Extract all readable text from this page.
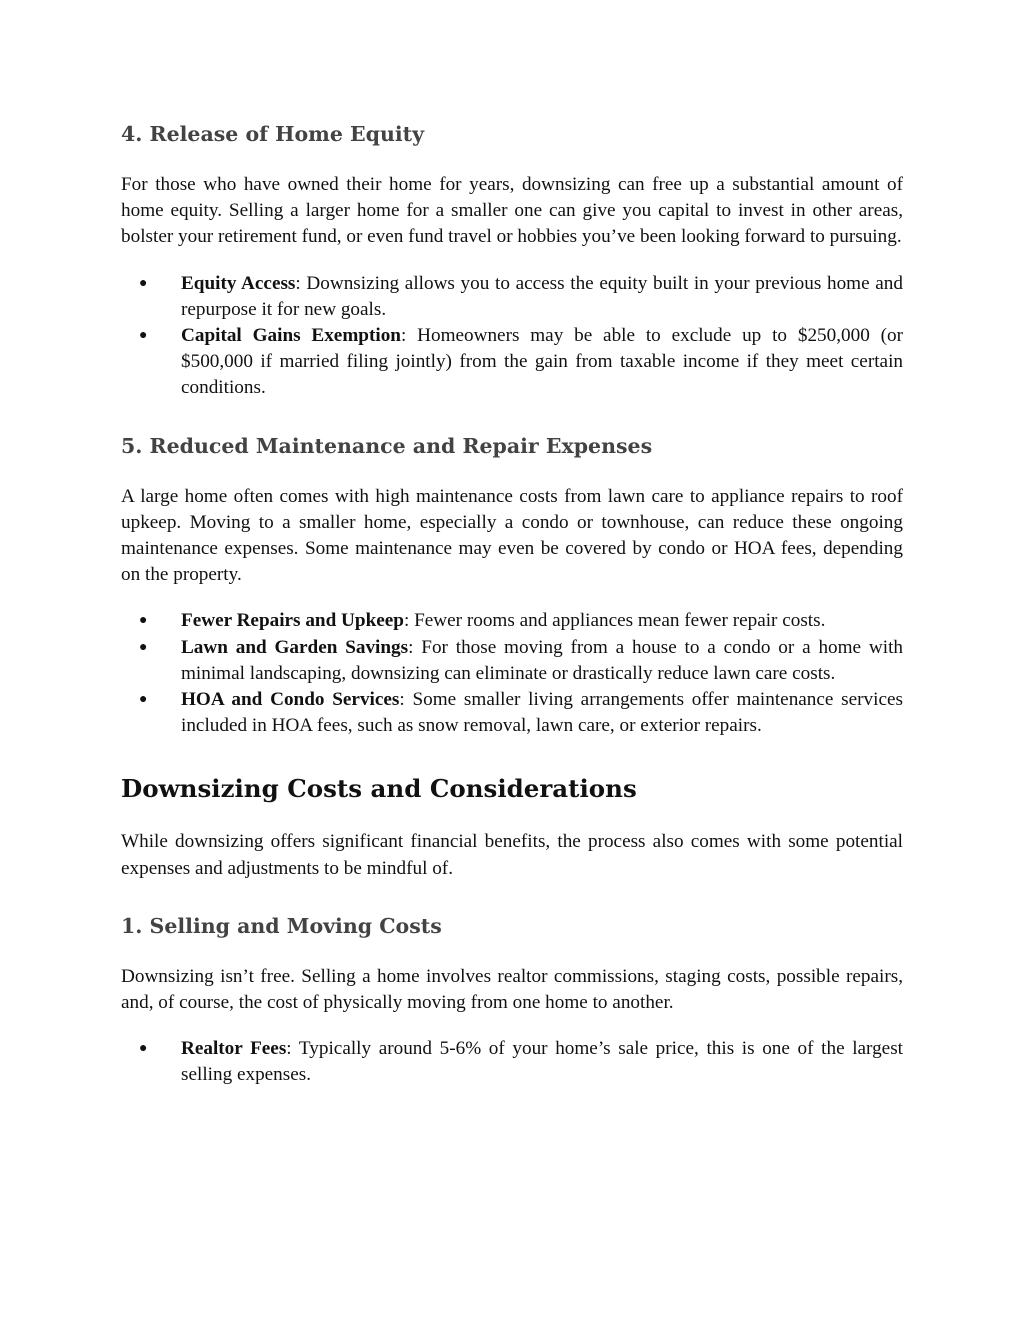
4. Release of Home Equity

For those who have owned their home for years, downsizing can free up a substantial amount of home equity. Selling a larger home for a smaller one can give you capital to invest in other areas, bolster your retirement fund, or even fund travel or hobbies you’ve been looking forward to pursuing.

● Equity Access: Downsizing allows you to access the equity built in your previous home and repurpose it for new goals.
● Capital Gains Exemption: Homeowners may be able to exclude up to $250,000 (or $500,000 if married filing jointly) from the gain from taxable income if they meet certain conditions.
5. Reduced Maintenance and Repair Expenses

A large home often comes with high maintenance costs from lawn care to appliance repairs to roof upkeep. Moving to a smaller home, especially a condo or townhouse, can reduce these ongoing maintenance expenses. Some maintenance may even be covered by condo or HOA fees, depending on the property.

● Fewer Repairs and Upkeep: Fewer rooms and appliances mean fewer repair costs.
● Lawn and Garden Savings: For those moving from a house to a condo or a home with minimal landscaping, downsizing can eliminate or drastically reduce lawn care costs.
● HOA and Condo Services: Some smaller living arrangements offer maintenance services included in HOA fees, such as snow removal, lawn care, or exterior repairs.
Downsizing Costs and Considerations

While downsizing offers significant financial benefits, the process also comes with some potential expenses and adjustments to be mindful of.

1. Selling and Moving Costs

Downsizing isn’t free. Selling a home involves realtor commissions, staging costs, possible repairs, and, of course, the cost of physically moving from one home to another.

● Realtor Fees: Typically around 5-6% of your home’s sale price, this is one of the largest selling expenses.
